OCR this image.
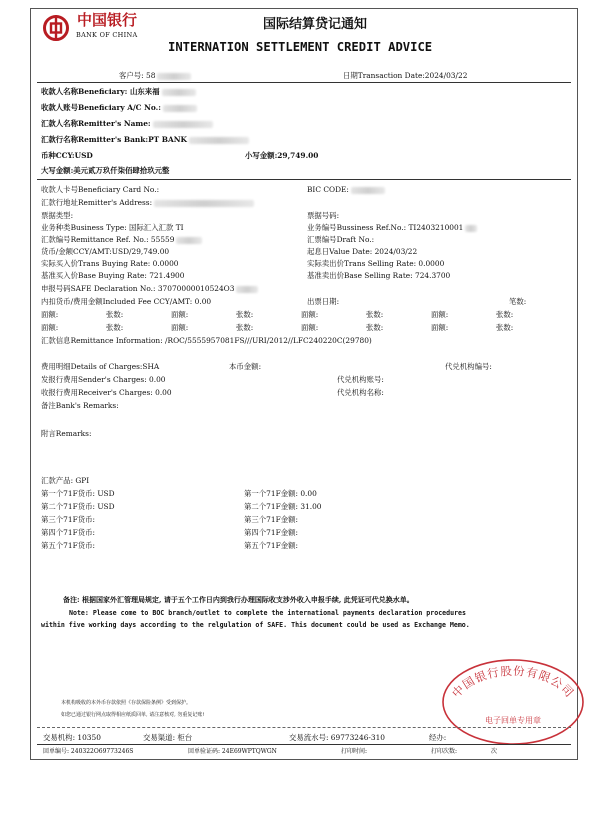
中国银行
BANK OF CHINA
国际结算贷记通知
INTERNATION SETTLEMENT CREDIT ADVICE
客户号: 58	日期Transaction Date:2024/03/22
收款人名称Beneficiary: 山东来福
收款人账号Beneficiary A/C No.:
汇款人名称Remitter's Name:
汇款行名称Remitter's Bank:PT BANK
币种CCY:USD	小写金额:29,749.00
大写金额:美元贰万玖仟柒佰肆拾玖元整
收款人卡号Beneficiary Card No.:	BIC CODE:
汇款行地址Remitter's Address:
票据类型:	票据号码:
业务种类Business Type: 国际汇入汇款 TI	业务编号Bussiness Ref.No.: TI2403210001
汇款编号Remittance Ref. No.: 55559	汇票编号Draft No.:
货币/金额CCY/AMT:USD/29,749.00	起息日Value Date: 2024/03/22
实际买入价Trans Buying Rate: 0.0000	实际卖出价Trans Selling Rate: 0.0000
基准买入价Base Buying Rate: 721.4900	基准卖出价Base Selling Rate: 724.3700
申报号码SAFE Declaration No.: 37070000010524O3
内扣货币/费用金额Included Fee CCY/AMT: 0.00	出票日期:	笔数:
面额:	张数:	面额:	张数:	面额:	张数:	面额:	张数:
面额:	张数:	面额:	张数:	面额:	张数:	面额:	张数:
汇款信息Remittance Information: /ROC/5555957081FS///URI/2012//LFC240220C(29780)
费用明细Details of Charges:SHA	本币金额:	代兑机构编号:
发报行费用Sender's Charges: 0.00	代兑机构账号:
收报行费用Receiver's Charges: 0.00	代兑机构名称:
备注Bank's Remarks:
附言Remarks:
汇款产品: GPI
第一个71F货币: USD	第一个71F金额: 0.00
第二个71F货币: USD	第二个71F金额: 31.00
第三个71F货币:	第三个71F金额:
第四个71F货币:	第四个71F金额:
第五个71F货币:	第五个71F金额:
备注: 根据国家外汇管理局规定, 请于五个工作日内到我行办理国际收支涉外收入申报手续, 此凭证可代兑换水单。
Note: Please come to BOC branch/outlet to complete the international payments declaration procedures
within five working days according to the relgulation of SAFE. This document could be used as Exchange Memo.
本机构吸收的本外币存款依照《存款保险条例》受到保护。
如您已通过银行网点取得相应纸质回单, 请注意核对, 勿重复记账!
中国银行股份有限公司
电子回单专用章
交易机构: 10350	交易渠道: 柜台	交易流水号: 69773246-310	经办:
回单编号: 240322O69773246S	回单验证码: 24E69WPTQWGN	打印时间:	打印次数:	次
